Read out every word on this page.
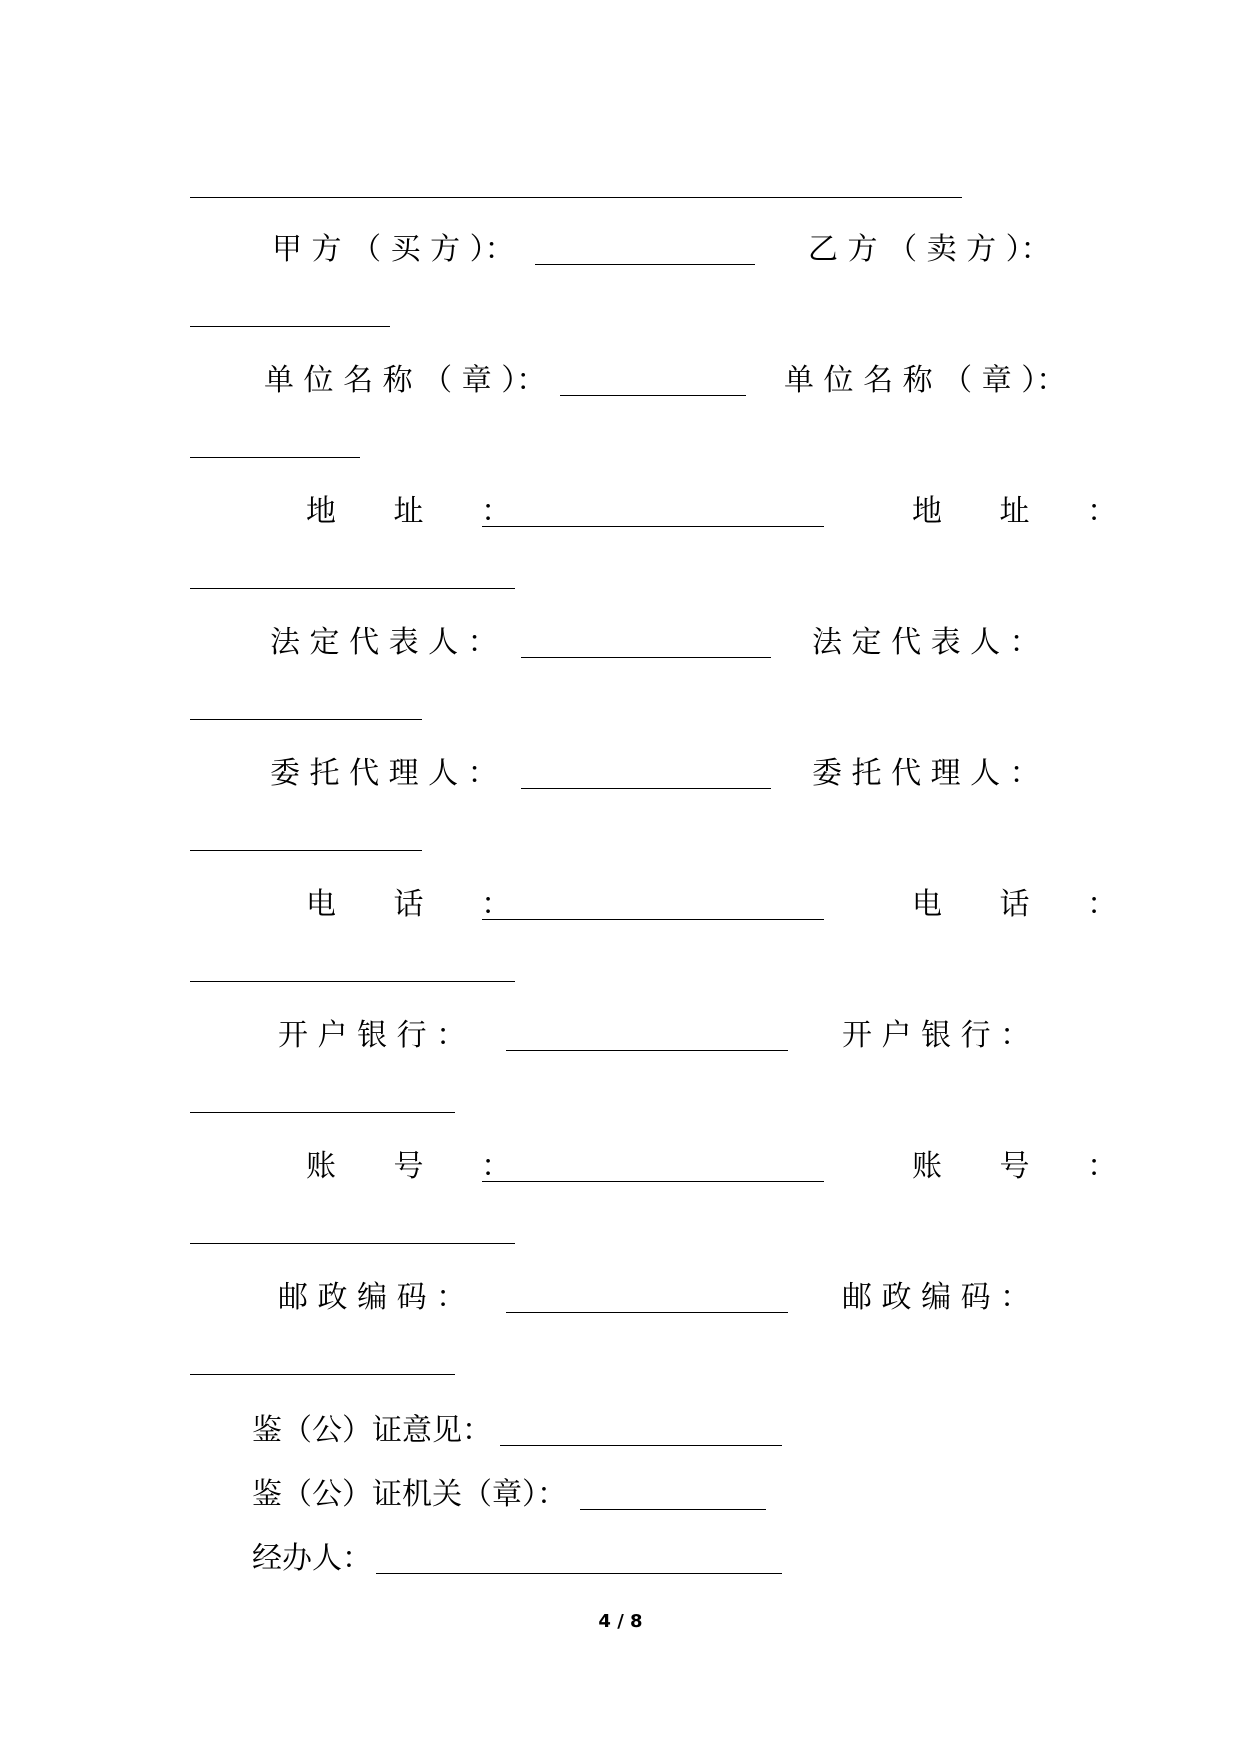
甲 方 （ 买 方 ）：	乙 方 （ 卖 方 ）：
单 位 名 称 （ 章 ）：	单 位 名 称 （ 章 ）：
地 址 ：	地 址 ：
法 定 代 表 人 ：	法 定 代 表 人 ：
委 托 代 理 人 ：	委 托 代 理 人 ：
电 话 ：	电 话 ：
开 户 银 行 ：	开 户 银 行 ：
账 号 ：	账 号 ：
邮 政 编 码 ：	邮 政 编 码 ：
鉴（公）证意见：
鉴（公）证机关（章）：
经办人：
4 / 8
